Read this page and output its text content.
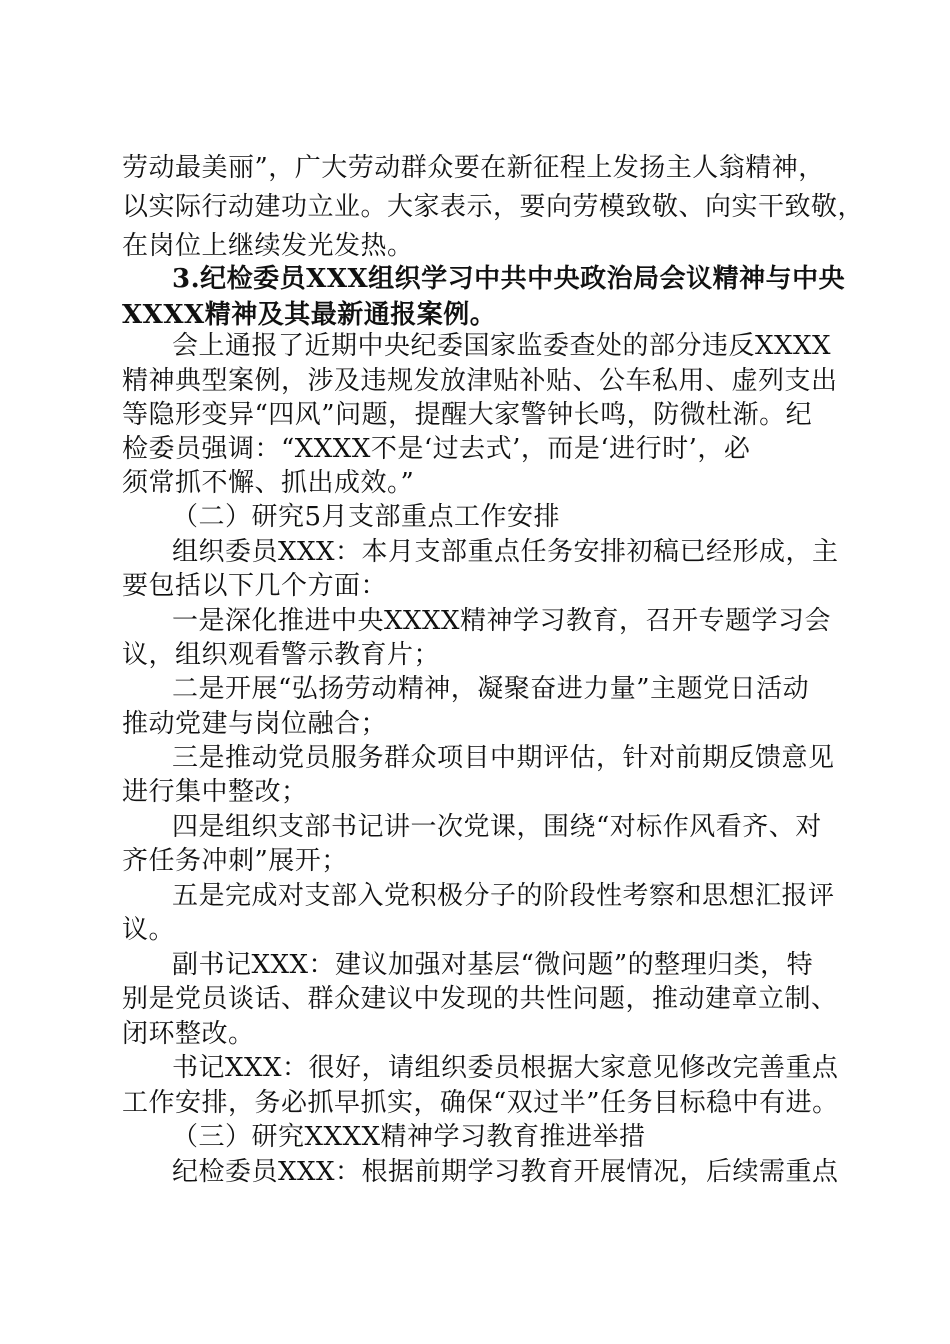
劳动最美丽”，广大劳动群众要在新征程上发扬主人翁精神，
以实际行动建功立业。大家表示，要向劳模致敬、向实干致敬，
在岗位上继续发光发热。
3.纪检委员XXX组织学习中共中央政治局会议精神与中央
XXXX精神及其最新通报案例。
会上通报了近期中央纪委国家监委查处的部分违反XXXX
精神典型案例，涉及违规发放津贴补贴、公车私用、虚列支出
等隐形变异“四风”问题，提醒大家警钟长鸣，防微杜渐。纪
检委员强调：“XXXX不是‘过去式’，而是‘进行时’，必
须常抓不懈、抓出成效。”
（二）研究5月支部重点工作安排
组织委员XXX：本月支部重点任务安排初稿已经形成，主
要包括以下几个方面：
一是深化推进中央XXXX精神学习教育，召开专题学习会
议，组织观看警示教育片；
二是开展“弘扬劳动精神，凝聚奋进力量”主题党日活动
推动党建与岗位融合；
三是推动党员服务群众项目中期评估，针对前期反馈意见
进行集中整改；
四是组织支部书记讲一次党课，围绕“对标作风看齐、对
齐任务冲刺”展开；
五是完成对支部入党积极分子的阶段性考察和思想汇报评
议。
副书记XXX：建议加强对基层“微问题”的整理归类，特
别是党员谈话、群众建议中发现的共性问题，推动建章立制、
闭环整改。
书记XXX：很好，请组织委员根据大家意见修改完善重点
工作安排，务必抓早抓实，确保“双过半”任务目标稳中有进。
（三）研究XXXX精神学习教育推进举措
纪检委员XXX：根据前期学习教育开展情况，后续需重点
